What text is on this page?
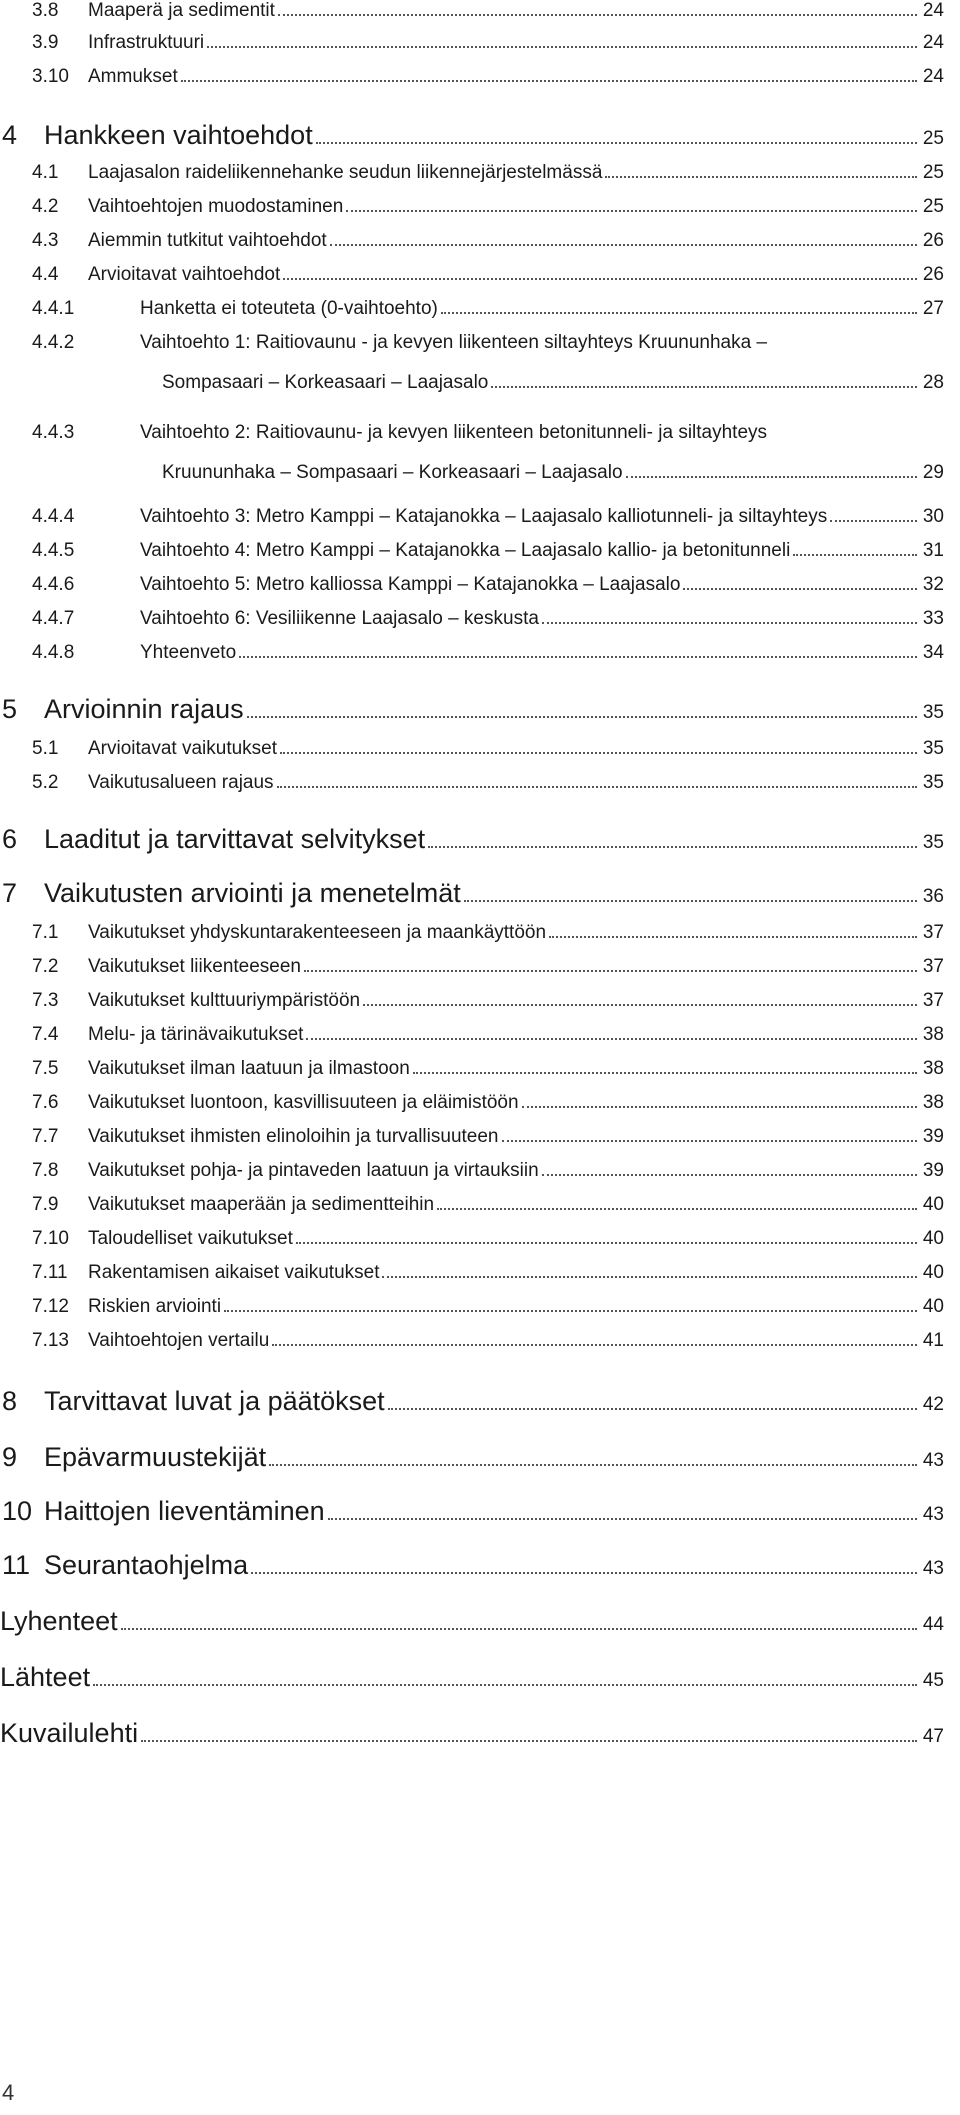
3.8 Maaperä ja sedimentit	24
3.9 Infrastruktuuri	24
3.10 Ammukset	24
4 Hankkeen vaihtoehdot	25
4.1 Laajasalon raideliikennehanke seudun liikennejärjestelmässä	25
4.2 Vaihtoehtojen muodostaminen	25
4.3 Aiemmin tutkitut vaihtoehdot	26
4.4 Arvioitavat vaihtoehdot	26
4.4.1	Hanketta ei toteuteta (0-vaihtoehto)	27
4.4.2	Vaihtoehto 1: Raitiovaunu - ja kevyen liikenteen siltayhteys Kruununhaka –
Sompasaari – Korkeasaari – Laajasalo	28
4.4.3	Vaihtoehto 2: Raitiovaunu- ja kevyen liikenteen betonitunneli- ja siltayhteys
Kruununhaka – Sompasaari – Korkeasaari – Laajasalo	29
4.4.4	Vaihtoehto 3: Metro Kamppi – Katajanokka – Laajasalo kalliotunneli- ja siltayhteys	30
4.4.5	Vaihtoehto 4: Metro Kamppi – Katajanokka – Laajasalo kallio- ja betonitunneli	31
4.4.6	Vaihtoehto 5: Metro kalliossa Kamppi – Katajanokka – Laajasalo	32
4.4.7	Vaihtoehto 6: Vesiliikenne Laajasalo – keskusta	33
4.4.8	Yhteenveto	34
5 Arvioinnin rajaus	35
5.1 Arvioitavat vaikutukset	35
5.2 Vaikutusalueen rajaus	35
6 Laaditut ja tarvittavat selvitykset	35
7 Vaikutusten arviointi ja menetelmät	36
7.1 Vaikutukset yhdyskuntarakenteeseen ja maankäyttöön	37
7.2 Vaikutukset liikenteeseen	37
7.3 Vaikutukset kulttuuriympäristöön	37
7.4 Melu- ja tärinävaikutukset	38
7.5 Vaikutukset ilman laatuun ja ilmastoon	38
7.6 Vaikutukset luontoon, kasvillisuuteen ja eläimistöön	38
7.7 Vaikutukset ihmisten elinoloihin ja turvallisuuteen	39
7.8 Vaikutukset pohja- ja pintaveden laatuun ja virtauksiin	39
7.9 Vaikutukset maaperään ja sedimentteihin	40
7.10 Taloudelliset vaikutukset	40
7.11 Rakentamisen aikaiset vaikutukset	40
7.12 Riskien arviointi	40
7.13 Vaihtoehtojen vertailu	41
8 Tarvittavat luvat ja päätökset	42
9 Epävarmuustekijät	43
10 Haittojen lieventäminen	43
11 Seurantaohjelma	43
Lyhenteet	44
Lähteet	45
Kuvailulehti	47
4
